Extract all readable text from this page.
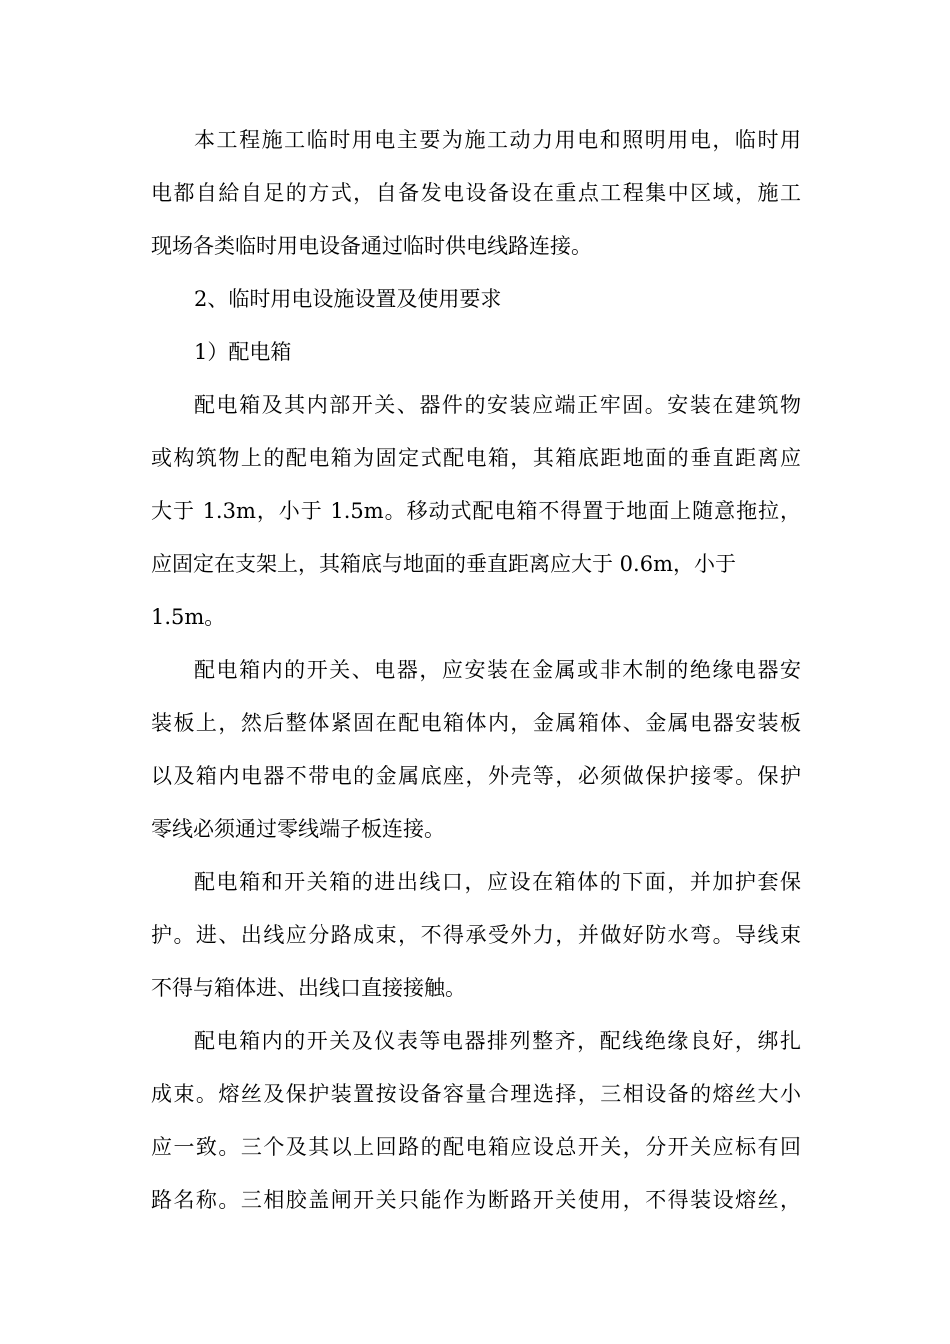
本工程施工临时用电主要为施工动力用电和照明用电，临时用
电都自給自足的方式，自备发电设备设在重点工程集中区域，施工
现场各类临时用电设备通过临时供电线路连接。
2、临时用电设施设置及使用要求
1）配电箱
配电箱及其内部开关、器件的安装应端正牢固。安装在建筑物
或构筑物上的配电箱为固定式配电箱，其箱底距地面的垂直距离应
大于 1.3m，小于 1.5m。移动式配电箱不得置于地面上随意拖拉，
应固定在支架上，其箱底与地面的垂直距离应大于 0.6m，小于
1.5m。
配电箱内的开关、电器，应安装在金属或非木制的绝缘电器安
装板上，然后整体紧固在配电箱体内，金属箱体、金属电器安装板
以及箱内电器不带电的金属底座，外壳等，必须做保护接零。保护
零线必须通过零线端子板连接。
配电箱和开关箱的进出线口，应设在箱体的下面，并加护套保
护。进、出线应分路成束，不得承受外力，并做好防水弯。导线束
不得与箱体进、出线口直接接触。
配电箱内的开关及仪表等电器排列整齐，配线绝缘良好，绑扎
成束。熔丝及保护装置按设备容量合理选择，三相设备的熔丝大小
应一致。三个及其以上回路的配电箱应设总开关，分开关应标有回
路名称。三相胶盖闸开关只能作为断路开关使用，不得装设熔丝，
